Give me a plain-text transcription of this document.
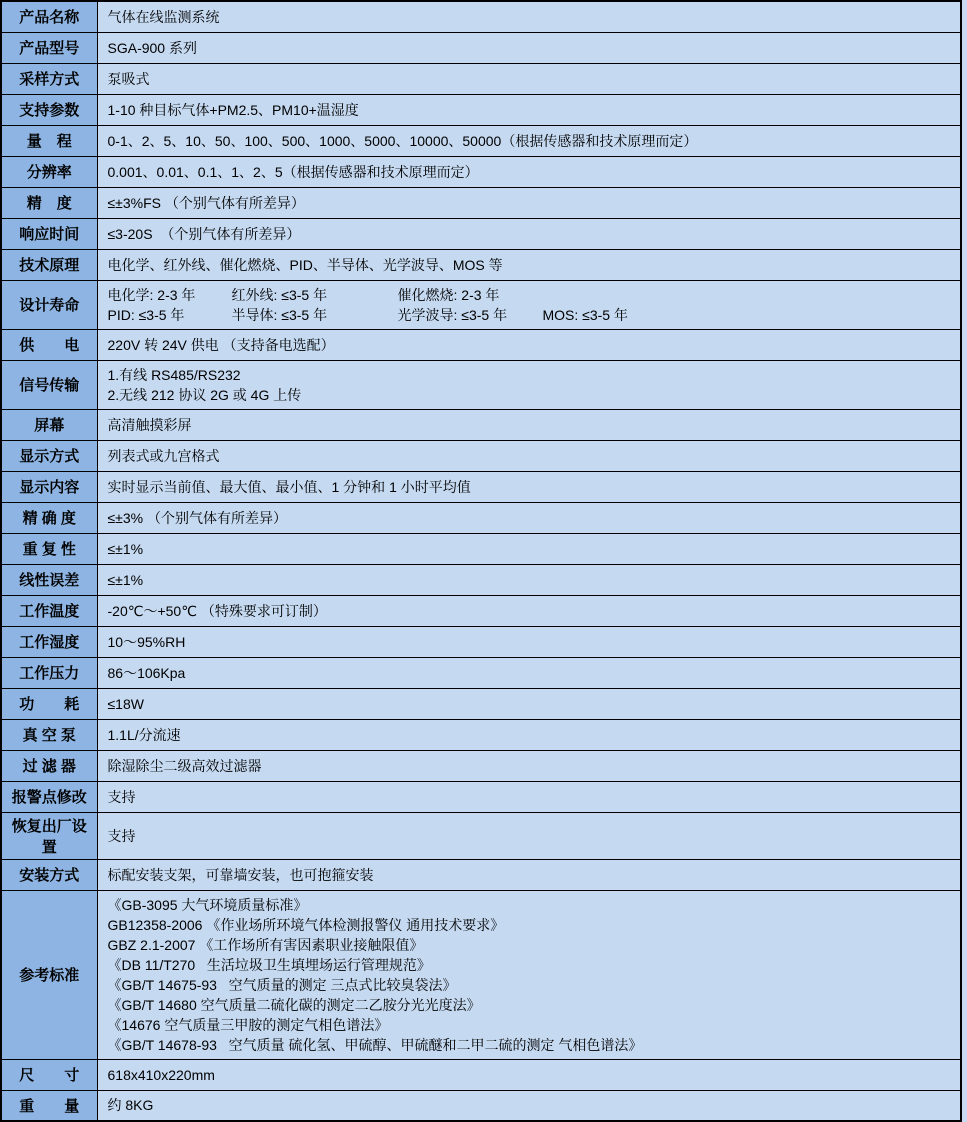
产品名称	气体在线监测系统
产品型号	SGA-900 系列
采样方式	泵吸式
支持参数	1-10 种目标气体+PM2.5、PM10+温湿度
量　程	0-1、2、5、10、50、100、500、1000、5000、10000、50000（根据传感器和技术原理而定）
分辨率	0.001、0.01、0.1、1、2、5（根据传感器和技术原理而定）
精　度	≤±3%FS （个别气体有所差异）
响应时间	≤3-20S  （个别气体有所差异）
技术原理	电化学、红外线、催化燃烧、PID、半导体、光学波导、MOS 等
设计寿命	电化学: 2-3 年 红外线: ≤3-5 年 催化燃烧: 2-3 年
PID: ≤3-5 年 半导体: ≤3-5 年 光学波导: ≤3-5 年 MOS: ≤3-5 年

供　　电	220V 转 24V 供电 （支持备电选配）
信号传输	1.有线 RS485/RS232
2.无线 212 协议 2G 或 4G 上传

屏幕	高清触摸彩屏
显示方式	列表式或九宫格式
显示内容	实时显示当前值、最大值、最小值、1 分钟和 1 小时平均值
精 确 度	≤±3% （个别气体有所差异）
重 复 性	≤±1%
线性误差	≤±1%
工作温度	-20℃～+50℃ （特殊要求可订制）
工作湿度	10～95%RH
工作压力	86～106Kpa
功　　耗	≤18W
真 空 泵	1.1L/分流速
过 滤 器	除湿除尘二级高效过滤器
报警点修改	支持
恢复出厂设置	支持
安装方式	标配安装支架，可靠墙安装，也可抱箍安装
参考标准	
《GB-3095 大气环境质量标准》
GB12358-2006 《作业场所环境气体检测报警仪 通用技术要求》
GBZ 2.1-2007 《工作场所有害因素职业接触限值》
《DB 11/T270   生活垃圾卫生填埋场运行管理规范》
《GB/T 14675-93   空气质量的测定 三点式比较臭袋法》
《GB/T 14680 空气质量二硫化碳的测定二乙胺分光光度法》
《14676 空气质量三甲胺的测定气相色谱法》
《GB/T 14678-93   空气质量 硫化氢、甲硫醇、甲硫醚和二甲二硫的测定 气相色谱法》

尺　　寸	618x410x220mm
重　　量	约 8KG
